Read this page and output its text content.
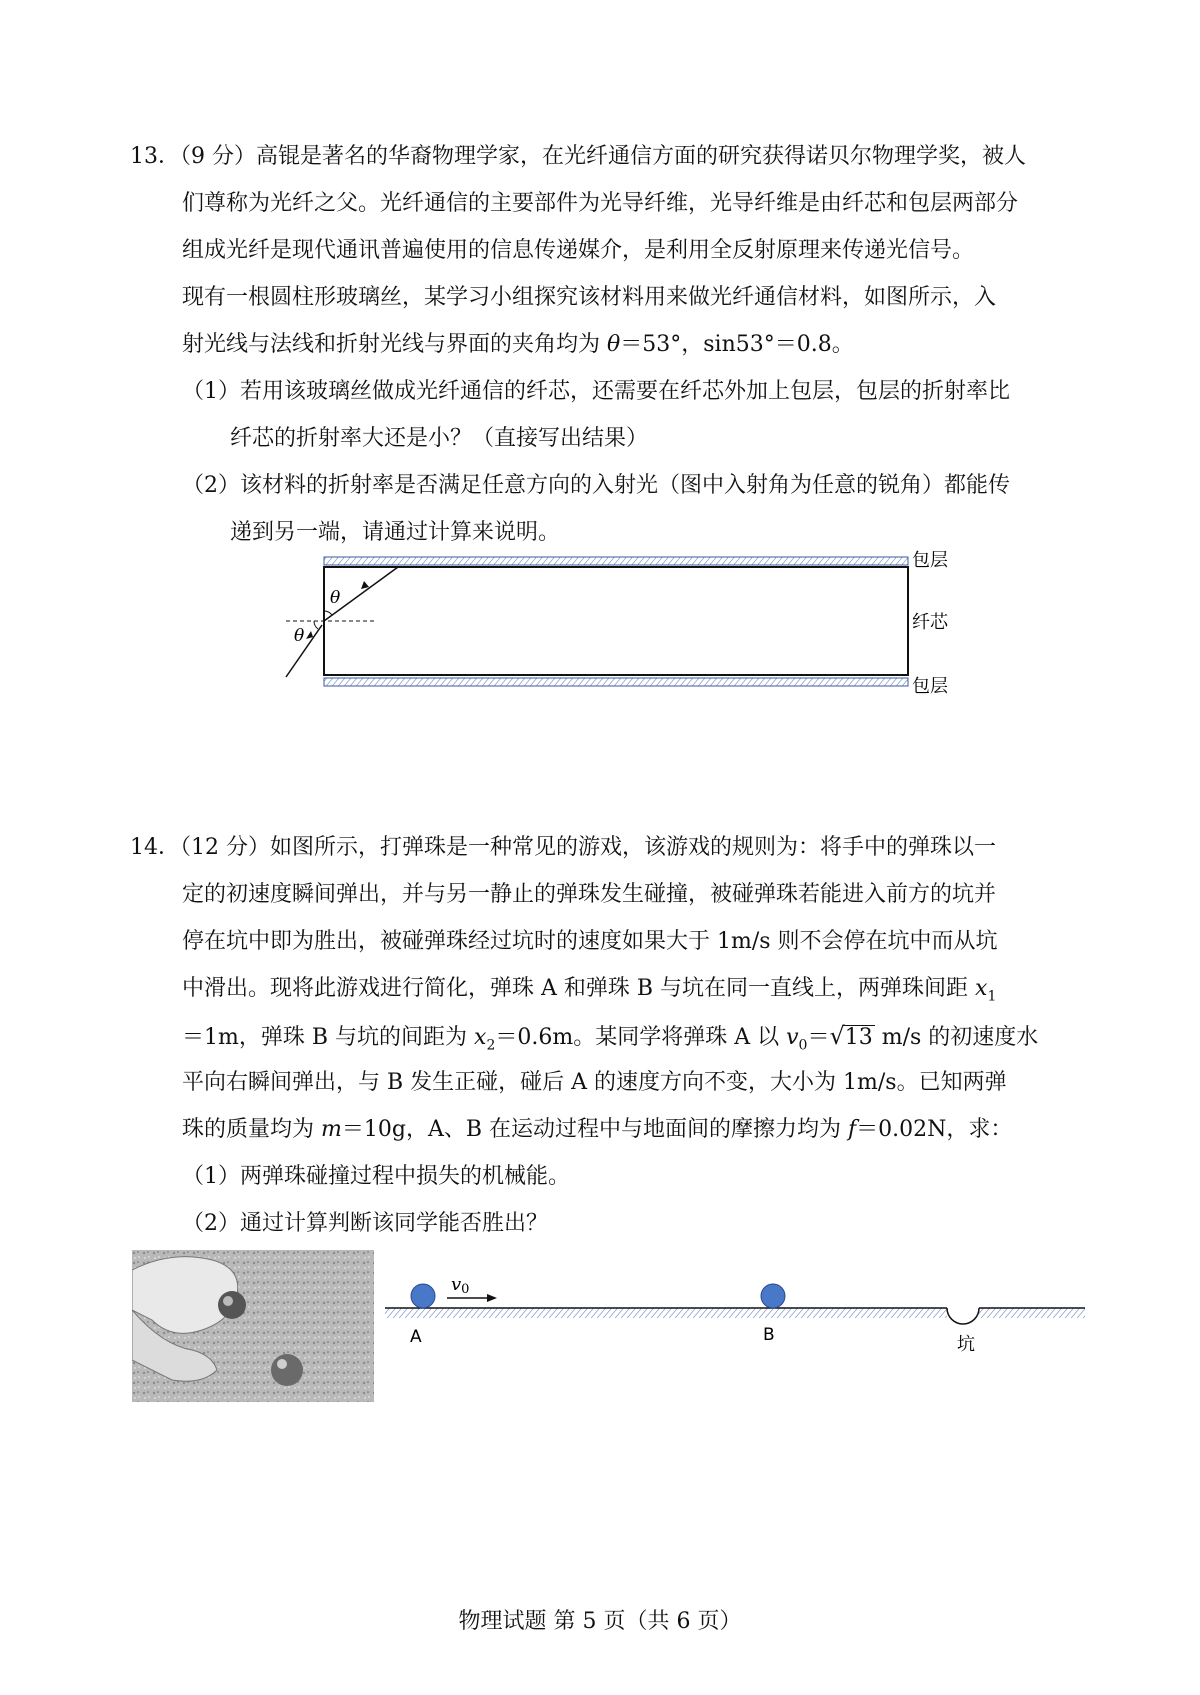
13．（9 分）高锟是著名的华裔物理学家，在光纤通信方面的研究获得诺贝尔物理学奖，被人
们尊称为光纤之父。光纤通信的主要部件为光导纤维，光导纤维是由纤芯和包层两部分
组成光纤是现代通讯普遍使用的信息传递媒介，是利用全反射原理来传递光信号。
现有一根圆柱形玻璃丝，某学习小组探究该材料用来做光纤通信材料，如图所示，入
射光线与法线和折射光线与界面的夹角均为 θ＝53°，sin53°＝0.8。
（1）若用该玻璃丝做成光纤通信的纤芯，还需要在纤芯外加上包层，包层的折射率比
纤芯的折射率大还是小？（直接写出结果）
（2）该材料的折射率是否满足任意方向的入射光（图中入射角为任意的锐角）都能传
递到另一端，请通过计算来说明。
θ
θ
包层
纤芯
包层
14．（12 分）如图所示，打弹珠是一种常见的游戏，该游戏的规则为：将手中的弹珠以一
定的初速度瞬间弹出，并与另一静止的弹珠发生碰撞，被碰弹珠若能进入前方的坑并
停在坑中即为胜出，被碰弹珠经过坑时的速度如果大于 1m/s 则不会停在坑中而从坑
中滑出。现将此游戏进行简化，弹珠 A 和弹珠 B 与坑在同一直线上，两弹珠间距 $x_1$
＝1m，弹珠 B 与坑的间距为 $x_2=0.6m$。某同学将弹珠 A 以 $v_0=√13$ m/s 的初速度水
平向右瞬间弹出，与 B 发生正碰，碰后 A 的速度方向不变，大小为 1m/s。已知两弹
珠的质量均为 m＝10g，A、B 在运动过程中与地面间的摩擦力均为 f＝0.02N，求：
（1）两弹珠碰撞过程中损失的机械能。
（2）通过计算判断该同学能否胜出？
v0
A	B	坑
物理试题 第 5 页（共 6 页）
